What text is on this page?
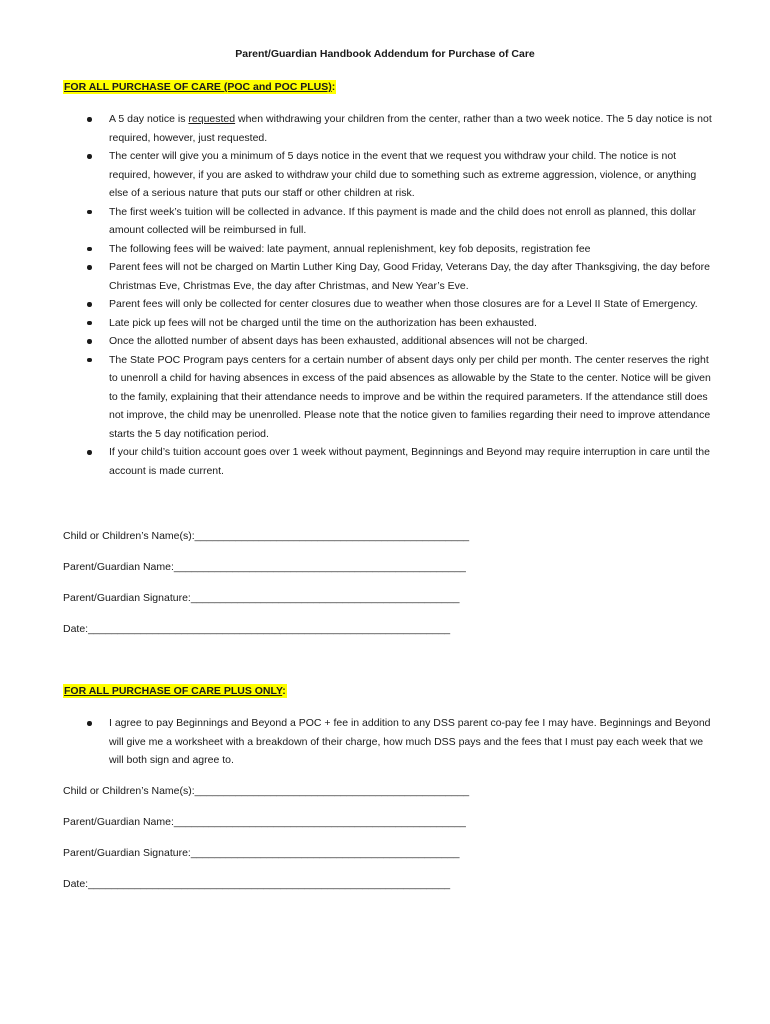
Parent/Guardian Handbook Addendum for Purchase of Care
FOR ALL PURCHASE OF CARE (POC and POC PLUS):
A 5 day notice is requested when withdrawing your children from the center, rather than a two week notice. The 5 day notice is not required, however, just requested.
The center will give you a minimum of 5 days notice in the event that we request you withdraw your child. The notice is not required, however, if you are asked to withdraw your child due to something such as extreme aggression, violence, or anything else of a serious nature that puts our staff or other children at risk.
The first week’s tuition will be collected in advance. If this payment is made and the child does not enroll as planned, this dollar amount collected will be reimbursed in full.
The following fees will be waived: late payment, annual replenishment, key fob deposits, registration fee
Parent fees will not be charged on Martin Luther King Day, Good Friday, Veterans Day, the day after Thanksgiving, the day before Christmas Eve, Christmas Eve, the day after Christmas, and New Year’s Eve.
Parent fees will only be collected for center closures due to weather when those closures are for a Level II State of Emergency.
Late pick up fees will not be charged until the time on the authorization has been exhausted.
Once the allotted number of absent days has been exhausted, additional absences will not be charged.
The State POC Program pays centers for a certain number of absent days only per child per month. The center reserves the right to unenroll a child for having absences in excess of the paid absences as allowable by the State to the center. Notice will be given to the family, explaining that their attendance needs to improve and be within the required parameters. If the attendance still does not improve, the child may be unenrolled. Please note that the notice given to families regarding their need to improve attendance starts the 5 day notification period.
If your child’s tuition account goes over 1 week without payment, Beginnings and Beyond may require interruption in care until the account is made current.
Child or Children’s Name(s):_______________________________________________
Parent/Guardian Name:__________________________________________________
Parent/Guardian Signature:______________________________________________
Date:______________________________________________________________
FOR ALL PURCHASE OF CARE PLUS ONLY:
I agree to pay Beginnings and Beyond a POC + fee in addition to any DSS parent co-pay fee I may have. Beginnings and Beyond will give me a worksheet with a breakdown of their charge, how much DSS pays and the fees that I must pay each week that we will both sign and agree to.
Child or Children’s Name(s):_______________________________________________
Parent/Guardian Name:__________________________________________________
Parent/Guardian Signature:______________________________________________
Date:______________________________________________________________
